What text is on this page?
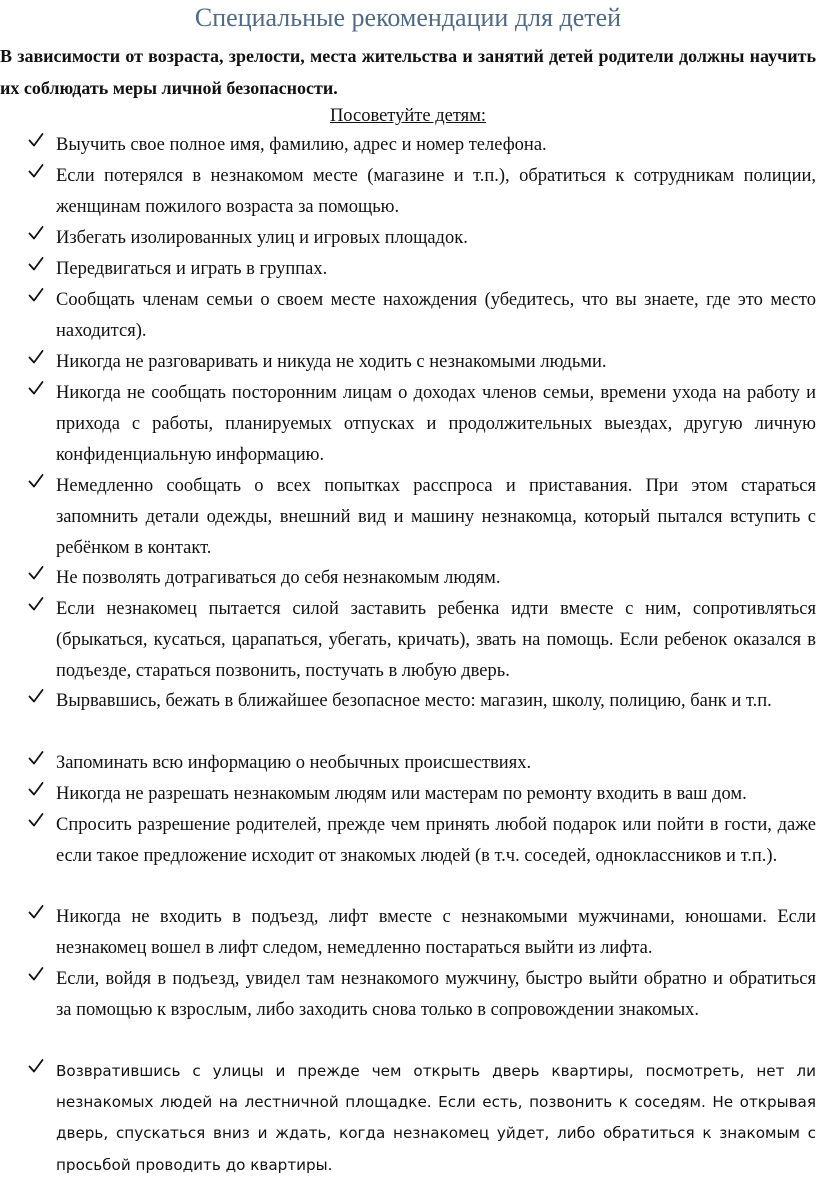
Специальные рекомендации для детей
В зависимости от возраста, зрелости, места жительства и занятий детей родители должны научить их соблюдать меры личной безопасности.
Посоветуйте детям:
Выучить свое полное имя, фамилию, адрес и номер телефона.
Если потерялся в незнакомом месте (магазине и т.п.), обратиться к сотрудникам полиции, женщинам пожилого возраста за помощью.
Избегать изолированных улиц и игровых площадок.
Передвигаться и играть в группах.
Сообщать членам семьи о своем месте нахождения (убедитесь, что вы знаете, где это место находится).
Никогда не разговаривать и никуда не ходить с незнакомыми людьми.
Никогда не сообщать посторонним лицам о доходах членов семьи, времени ухода на работу и прихода с работы, планируемых отпусках и продолжительных выездах, другую личную конфиденциальную информацию.
Немедленно сообщать о всех попытках расспроса и приставания. При этом стараться запомнить детали одежды, внешний вид и машину незнакомца, который пытался вступить с ребёнком в контакт.
Не позволять дотрагиваться до себя незнакомым людям.
Если незнакомец пытается силой заставить ребенка идти вместе с ним, сопротивляться (брыкаться, кусаться, царапаться, убегать, кричать), звать на помощь. Если ребенок оказался в подъезде, стараться позвонить, постучать в любую дверь.
Вырвавшись, бежать в ближайшее безопасное место: магазин, школу, полицию, банк и т.п.
Запоминать всю информацию о необычных происшествиях.
Никогда не разрешать незнакомым людям или мастерам по ремонту входить в ваш дом.
Спросить разрешение родителей, прежде чем принять любой подарок или пойти в гости, даже если такое предложение исходит от знакомых людей (в т.ч. соседей, одноклассников и т.п.).
Никогда не входить в подъезд, лифт вместе с незнакомыми мужчинами, юношами. Если незнакомец вошел в лифт следом, немедленно постараться выйти из лифта.
Если, войдя в подъезд, увидел там незнакомого мужчину, быстро выйти обратно и обратиться за помощью к взрослым, либо заходить снова только в сопровождении знакомых.
Возвратившись с улицы и прежде чем открыть дверь квартиры, посмотреть, нет ли незнакомых людей на лестничной площадке. Если есть, позвонить к соседям. Не открывая дверь, спускаться вниз и ждать, когда незнакомец уйдет, либо обратиться к знакомым с просьбой проводить до квартиры.
